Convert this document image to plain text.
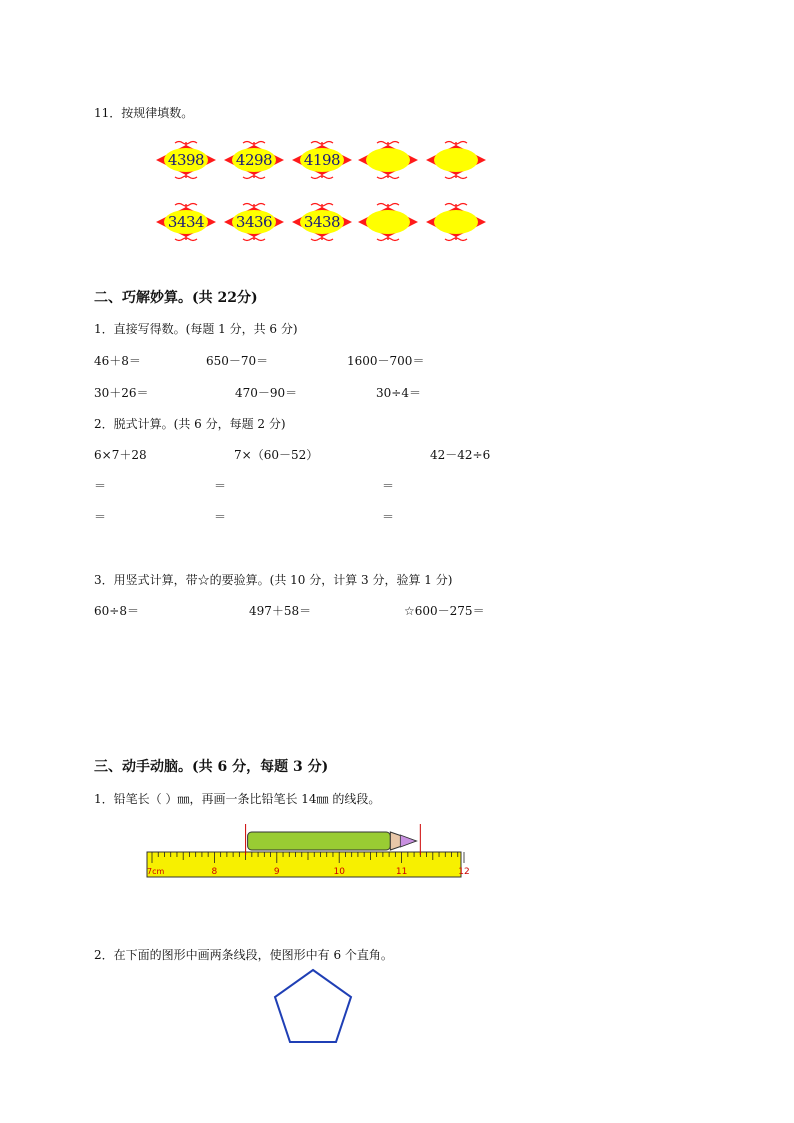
11．按规律填数。
4398	4298	4198
3434	3436	3438
二、巧解妙算。(共 22分)
1．直接写得数。(每题 1 分，共 6 分)
46＋8＝	650－70＝	1600－700＝
30＋26＝	470－90＝	30÷4＝
2．脱式计算。(共 6 分，每题 2 分)
6×7＋28	7×（60－52）	42－42÷6
＝	＝	＝
＝	＝	＝
3．用竖式计算，带☆的要验算。(共 10 分，计算 3 分，验算 1 分)
60÷8＝	497＋58＝	☆600－275＝
三、动手动脑。(共 6 分，每题 3 分)
1．铅笔长（ ）㎜，再画一条比铅笔长 14㎜ 的线段。
7cm	8	9	10	11	12
2．在下面的图形中画两条线段，使图形中有 6 个直角。
